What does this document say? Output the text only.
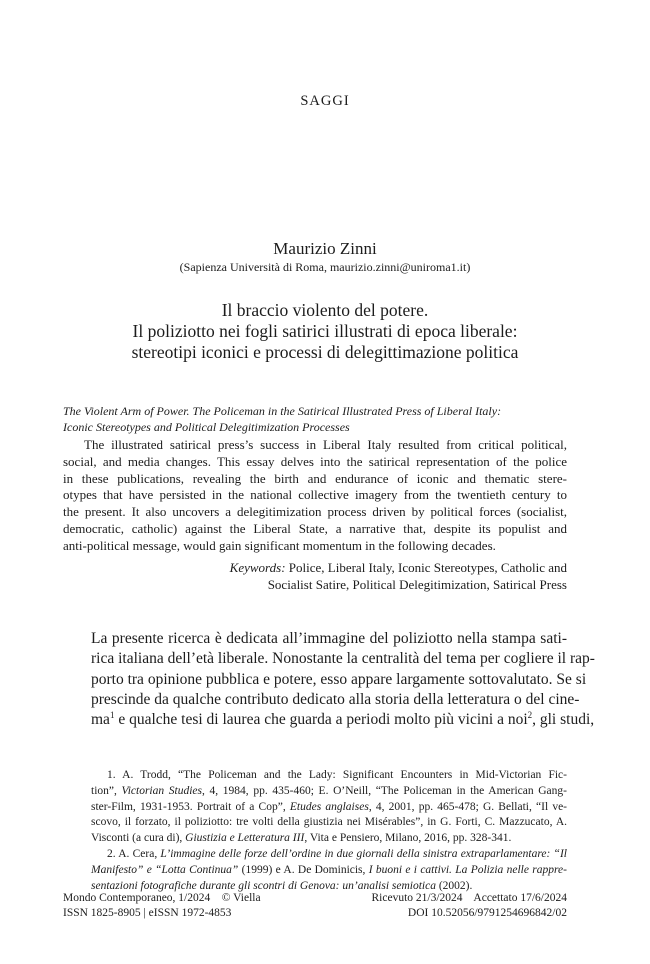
SAGGI
Maurizio Zinni
(Sapienza Università di Roma, maurizio.zinni@uniroma1.it)
Il braccio violento del potere.
Il poliziotto nei fogli satirici illustrati di epoca liberale:
stereotipi iconici e processi di delegittimazione politica
The Violent Arm of Power. The Policeman in the Satirical Illustrated Press of Liberal Italy:
Iconic Stereotypes and Political Delegitimization Processes
The illustrated satirical press’s success in Liberal Italy resulted from critical political,
social, and media changes. This essay delves into the satirical representation of the police
in these publications, revealing the birth and endurance of iconic and thematic stere-
otypes that have persisted in the national collective imagery from the twentieth century to
the present. It also uncovers a delegitimization process driven by political forces (socialist,
democratic, catholic) against the Liberal State, a narrative that, despite its populist and
anti-political message, would gain significant momentum in the following decades.
Keywords: Police, Liberal Italy, Iconic Stereotypes, Catholic and
Socialist Satire, Political Delegitimization, Satirical Press
La presente ricerca è dedicata all’immagine del poliziotto nella stampa sati-
rica italiana dell’età liberale. Nonostante la centralità del tema per cogliere il rap-
porto tra opinione pubblica e potere, esso appare largamente sottovalutato. Se si
prescinde da qualche contributo dedicato alla storia della letteratura o del cine-
$ma^1$ e qualche tesi di laurea che guarda a periodi molto più vicini a noi$^2$, gli studi,
1. A. Trodd, “The Policeman and the Lady: Significant Encounters in Mid-Victorian Fic-
tion”, Victorian Studies, 4, 1984, pp. 435-460; E. O’Neill, “The Policeman in the American Gang-
ster-Film, 1931-1953. Portrait of a Cop”, Etudes anglaises, 4, 2001, pp. 465-478; G. Bellati, “Il ve-
scovo, il forzato, il poliziotto: tre volti della giustizia nei Misérables”, in G. Forti, C. Mazzucato, A.
Visconti (a cura di), Giustizia e Letteratura III, Vita e Pensiero, Milano, 2016, pp. 328-341.
2. A. Cera, L’immagine delle forze dell’ordine in due giornali della sinistra extraparlamentare: “Il
Manifesto” e “Lotta Continua” (1999) e A. De Dominicis, I buoni e i cattivi. La Polizia nelle rappre-
sentazioni fotografiche durante gli scontri di Genova: un’analisi semiotica (2002).
Mondo Contemporaneo, 1/2024    © Viella	Ricevuto 21/3/2024    Accettato 17/6/2024
ISSN 1825-8905 | eISSN 1972-4853	DOI 10.52056/9791254696842/02
